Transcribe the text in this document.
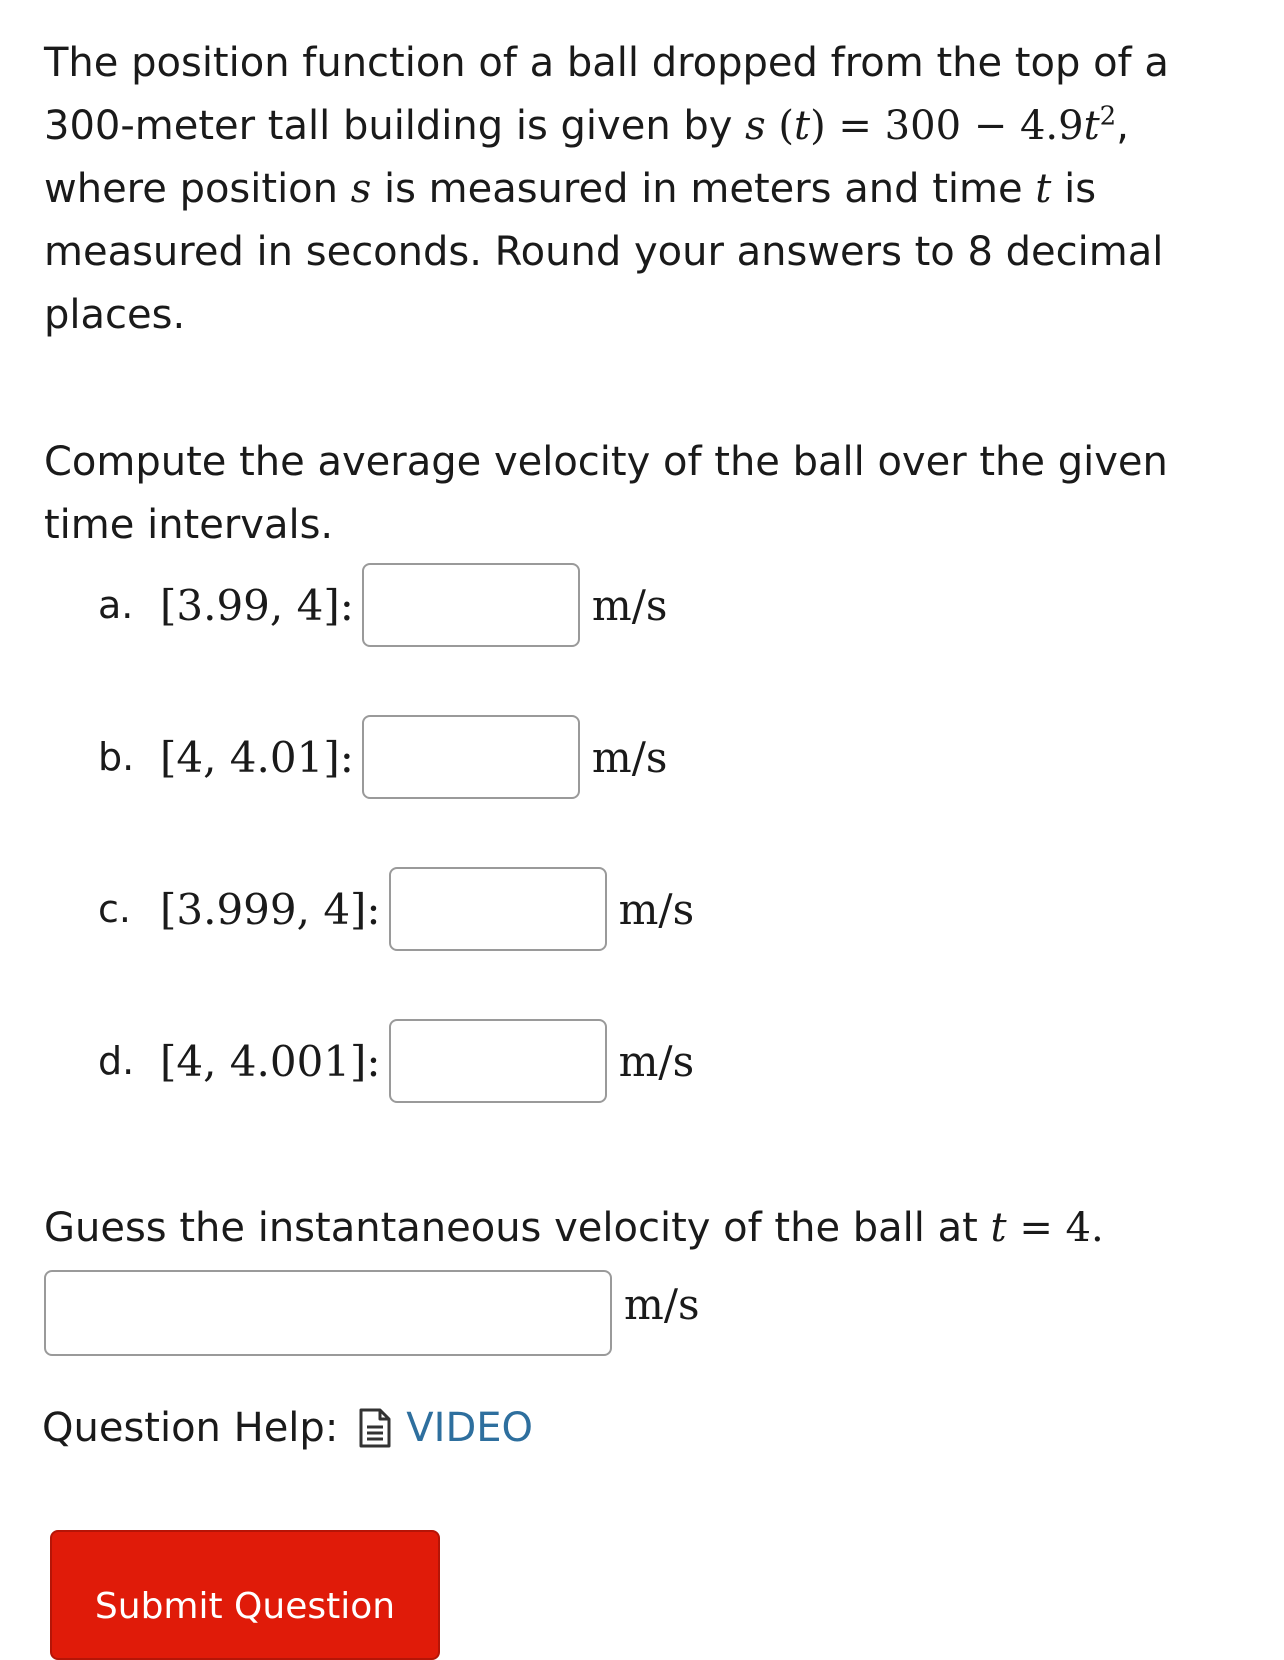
The position function of a ball dropped from the top of a 300-meter tall building is given by s $(t) = 300 - 4.9t^2$, where position s is measured in meters and time t is measured in seconds. Round your answers to 8 decimal places.

Compute the average velocity of the ball over the given time intervals.

a. [3.99, 4]:	m/s
b. [4, 4.01]:	m/s
c. [3.999, 4]:	m/s
d. [4, 4.001]:	m/s

Guess the instantaneous velocity of the ball at t = 4.

m/s
Question Help: VIDEO
Submit Question
